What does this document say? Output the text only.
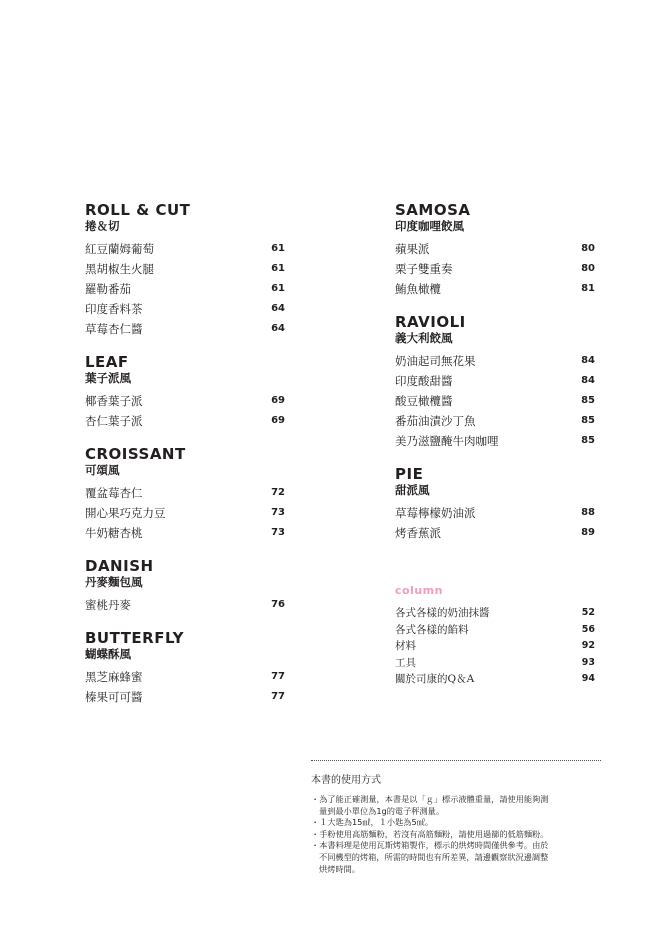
ROLL & CUT
捲＆切
紅豆蘭姆葡萄	61
黑胡椒生火腿	61
羅勒番茄	61
印度香料茶	64
草莓杏仁醬	64
LEAF
葉子派風
椰香葉子派	69
杏仁葉子派	69
CROISSANT
可頌風
覆盆莓杏仁	72
開心果巧克力豆	73
牛奶糖杏桃	73
DANISH
丹麥麵包風
蜜桃丹麥	76
BUTTERFLY
蝴蝶酥風
黑芝麻蜂蜜	77
榛果可可醬	77
SAMOSA
印度咖哩餃風
蘋果派	80
栗子雙重奏	80
鮪魚橄欖	81
RAVIOLI
義大利餃風
奶油起司無花果	84
印度酸甜醬	84
酸豆橄欖醬	85
番茄油漬沙丁魚	85
美乃滋鹽醃牛肉咖哩	85
PIE
甜派風
草莓檸檬奶油派	88
烤香蕉派	89
column
各式各樣的奶油抹醬	52
各式各樣的餡料	56
材料	92
工具	93
關於司康的Q＆A	94
本書的使用方式
・為了能正確測量，本書是以「ｇ」標示液體重量，請使用能夠測
量到最小單位為1g的電子秤測量。
・１大匙為15㎖，１小匙為5㎖。
・手粉使用高筋麵粉，若沒有高筋麵粉，請使用過篩的低筋麵粉。
・本書料理是使用瓦斯烤箱製作，標示的烘烤時間僅供參考。由於
不同機型的烤箱，所需的時間也有所差異，請邊觀察狀況邊調整
烘烤時間。
